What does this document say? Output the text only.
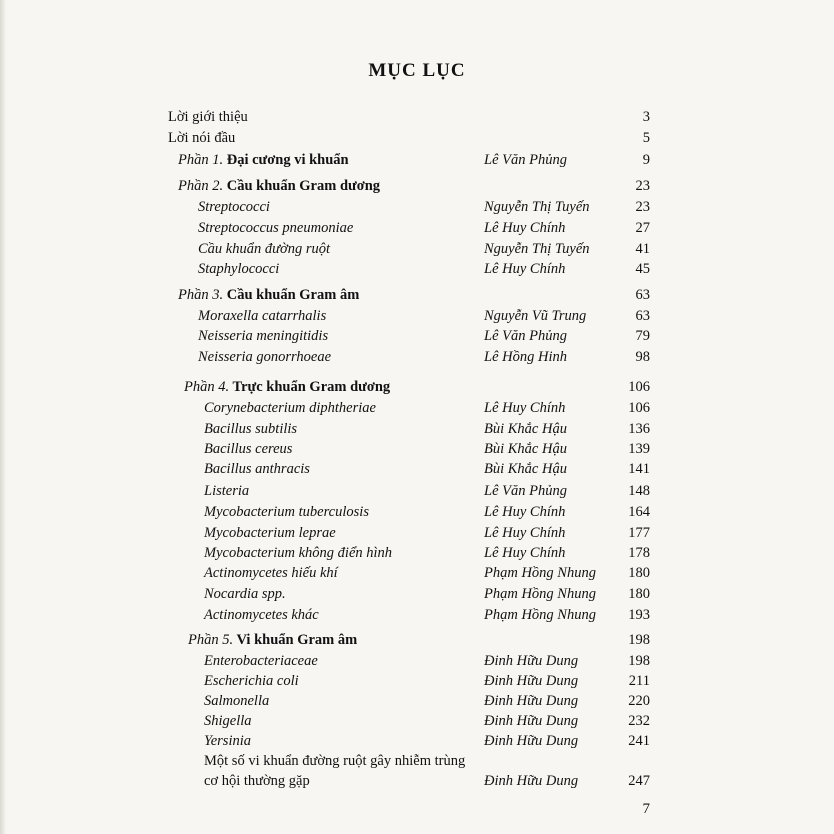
MỤC LỤC
Lời giới thiệu	3
Lời nói đầu	5
Phần 1. Đại cương vi khuẩn	Lê Văn Phủng	9
Phần 2. Cầu khuẩn Gram dương	23
Streptococci	Nguyễn Thị Tuyến	23
Streptococcus pneumoniae	Lê Huy Chính	27
Cầu khuẩn đường ruột	Nguyễn Thị Tuyến	41
Staphylococci	Lê Huy Chính	45
Phần 3. Cầu khuẩn Gram âm	63
Moraxella catarrhalis	Nguyễn Vũ Trung	63
Neisseria meningitidis	Lê Văn Phủng	79
Neisseria gonorrhoeae	Lê Hồng Hinh	98
Phần 4. Trực khuẩn Gram dương	106
Corynebacterium diphtheriae	Lê Huy Chính	106
Bacillus subtilis	Bùi Khắc Hậu	136
Bacillus cereus	Bùi Khắc Hậu	139
Bacillus anthracis	Bùi Khắc Hậu	141
Listeria	Lê Văn Phủng	148
Mycobacterium tuberculosis	Lê Huy Chính	164
Mycobacterium leprae	Lê Huy Chính	177
Mycobacterium không điển hình	Lê Huy Chính	178
Actinomycetes hiếu khí	Phạm Hồng Nhung	180
Nocardia spp.	Phạm Hồng Nhung	180
Actinomycetes khác	Phạm Hồng Nhung	193
Phần 5. Vi khuẩn Gram âm	198
Enterobacteriaceae	Đinh Hữu Dung	198
Escherichia coli	Đinh Hữu Dung	211
Salmonella	Đinh Hữu Dung	220
Shigella	Đinh Hữu Dung	232
Yersinia	Đinh Hữu Dung	241
Một số vi khuẩn đường ruột gây nhiễm trùng
cơ hội thường gặp	Đinh Hữu Dung	247
7
